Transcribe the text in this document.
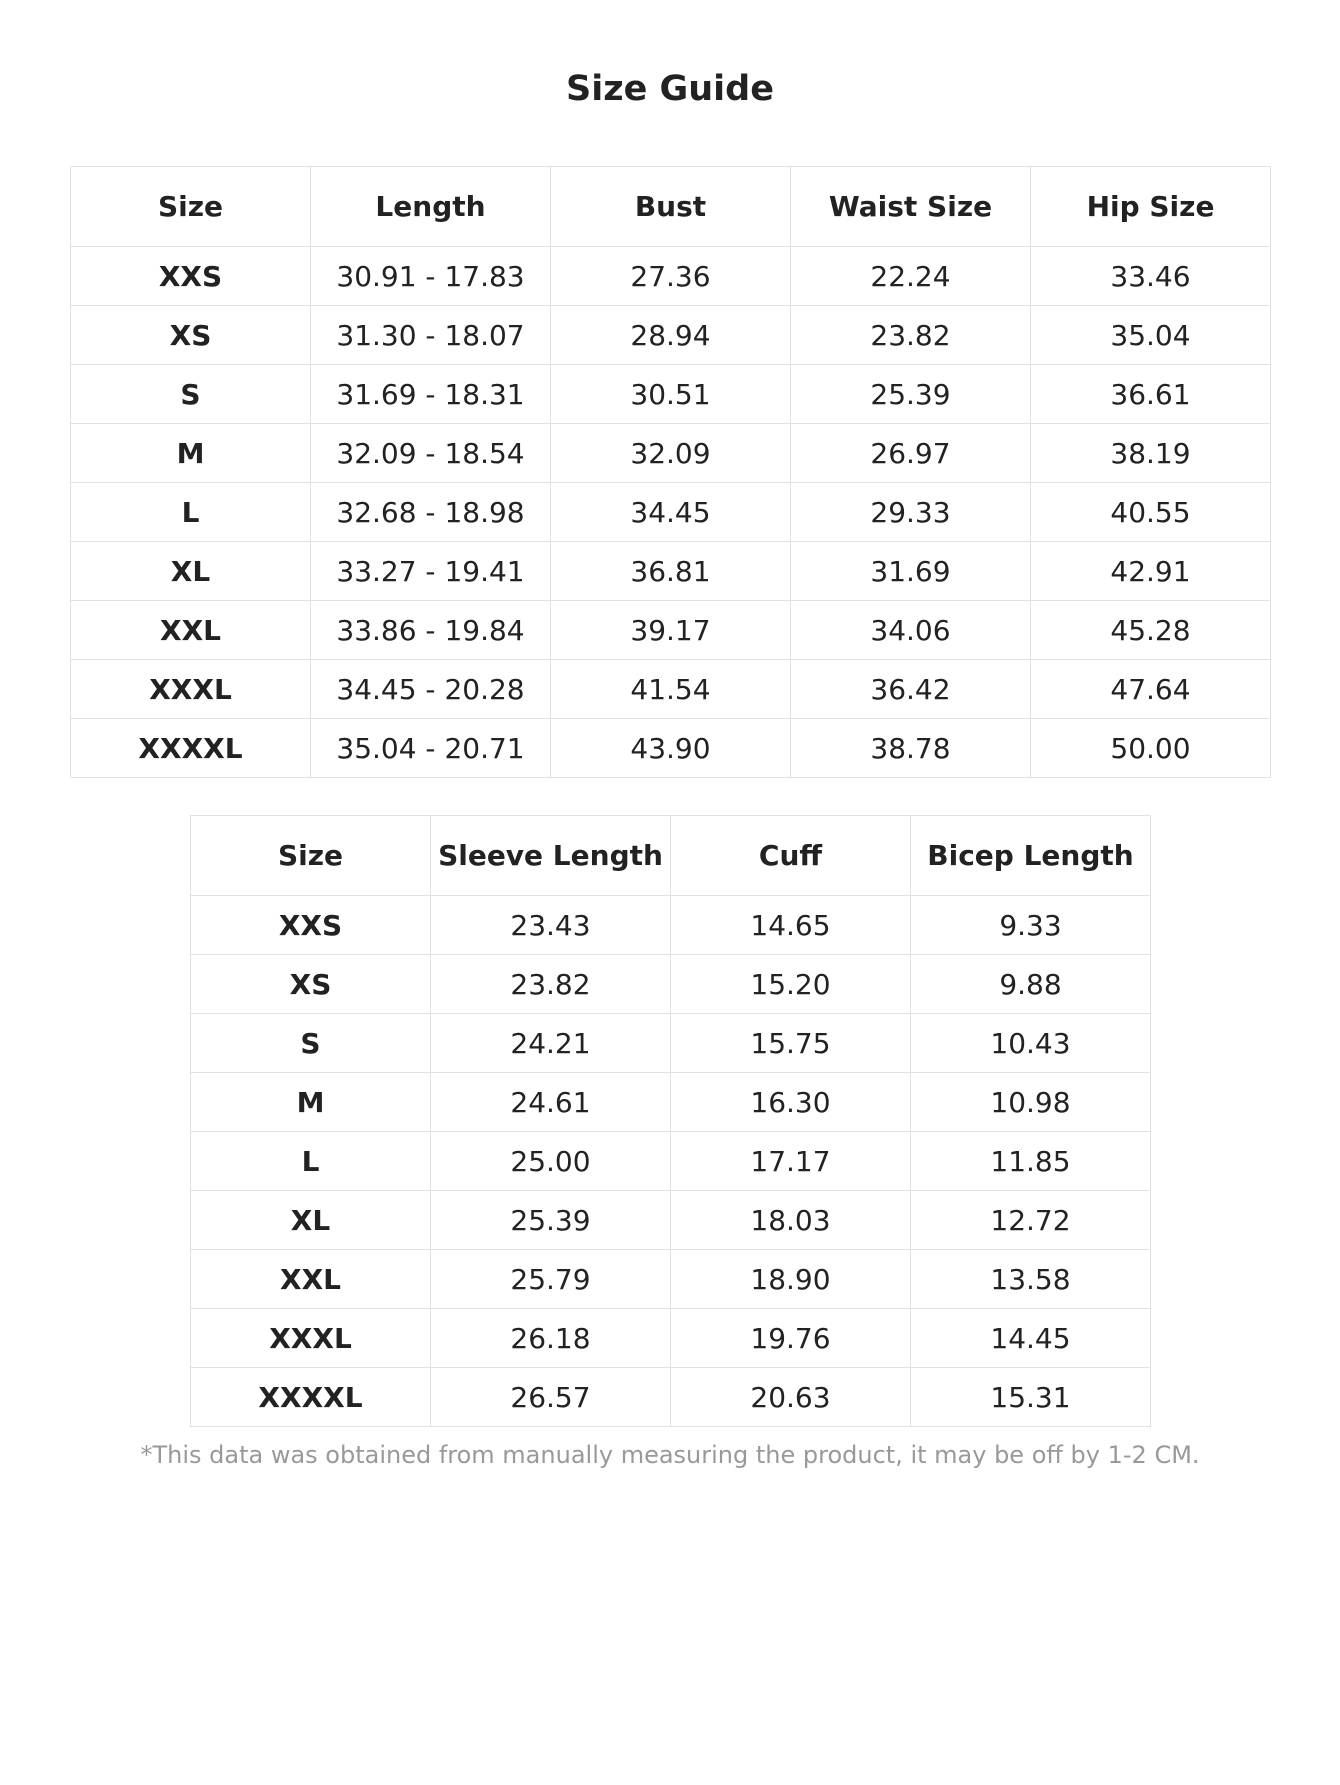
Size Guide
Size	Length	Bust	Waist Size	Hip Size
XXS	30.91 - 17.83	27.36	22.24	33.46
XS	31.30 - 18.07	28.94	23.82	35.04
S	31.69 - 18.31	30.51	25.39	36.61
M	32.09 - 18.54	32.09	26.97	38.19
L	32.68 - 18.98	34.45	29.33	40.55
XL	33.27 - 19.41	36.81	31.69	42.91
XXL	33.86 - 19.84	39.17	34.06	45.28
XXXL	34.45 - 20.28	41.54	36.42	47.64
XXXXL	35.04 - 20.71	43.90	38.78	50.00
Size	Sleeve Length	Cuff	Bicep Length
XXS	23.43	14.65	9.33
XS	23.82	15.20	9.88
S	24.21	15.75	10.43
M	24.61	16.30	10.98
L	25.00	17.17	11.85
XL	25.39	18.03	12.72
XXL	25.79	18.90	13.58
XXXL	26.18	19.76	14.45
XXXXL	26.57	20.63	15.31
*This data was obtained from manually measuring the product, it may be off by 1-2 CM.
